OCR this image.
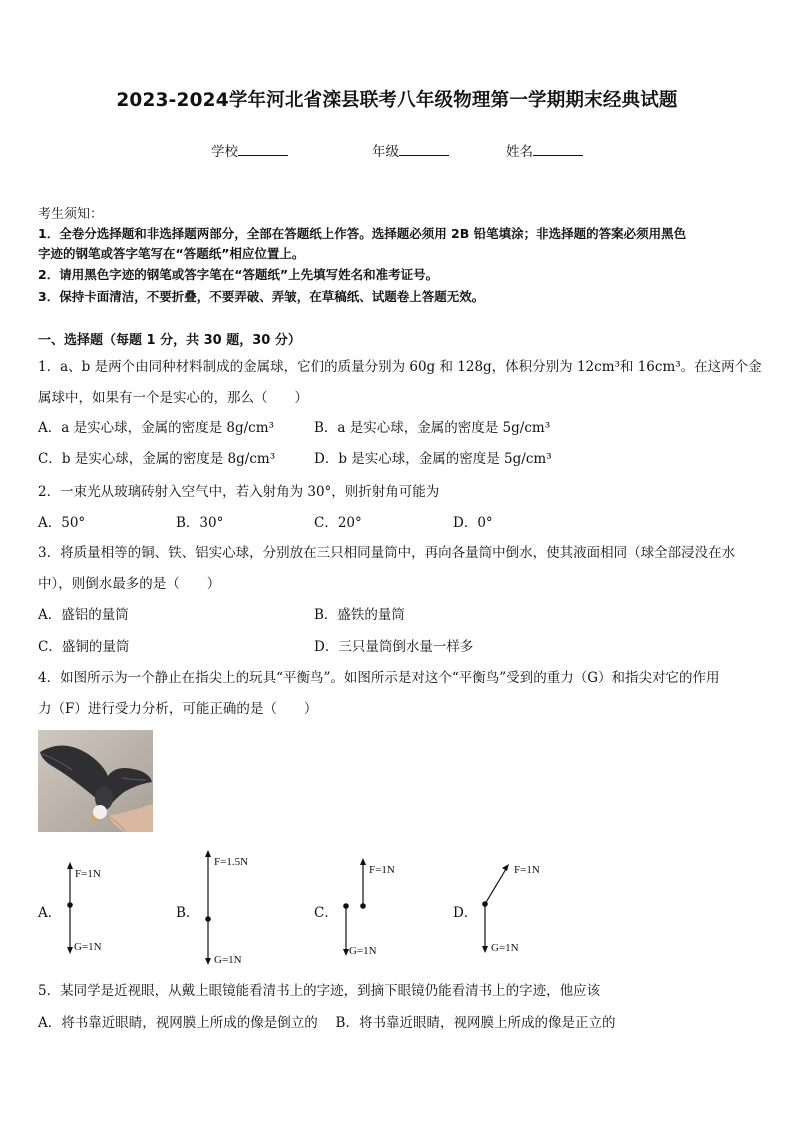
2023-2024学年河北省滦县联考八年级物理第一学期期末经典试题
学校	年级	姓名
考生须知：
1．全卷分选择题和非选择题两部分，全部在答题纸上作答。选择题必须用 2B 铅笔填涂；非选择题的答案必须用黑色
字迹的钢笔或答字笔写在“答题纸”相应位置上。
2．请用黑色字迹的钢笔或答字笔在“答题纸”上先填写姓名和准考证号。
3．保持卡面清洁，不要折叠，不要弄破、弄皱，在草稿纸、试题卷上答题无效。
一、选择题（每题 1 分，共 30 题，30 分）
1．a、b 是两个由同种材料制成的金属球，它们的质量分别为 60g 和 128g，体积分别为 12cm³和 16cm³。在这两个金
属球中，如果有一个是实心的，那么（　　）
A．a 是实心球，金属的密度是 8g/cm³	B．a 是实心球，金属的密度是 5g/cm³
C．b 是实心球，金属的密度是 8g/cm³	D．b 是实心球，金属的密度是 5g/cm³
2．一束光从玻璃砖射入空气中，若入射角为 30°，则折射角可能为
A．50°	B．30°	C．20°	D．0°
3．将质量相等的铜、铁、铝实心球，分别放在三只相同量筒中，再向各量筒中倒水，使其液面相同（球全部浸没在水
中），则倒水最多的是（　　）
A．盛铝的量筒	B．盛铁的量筒
C．盛铜的量筒	D．三只量筒倒水量一样多
4．如图所示为一个静止在指尖上的玩具“平衡鸟”。如图所示是对这个“平衡鸟”受到的重力（G）和指尖对它的作用
力（F）进行受力分析，可能正确的是（　　）
A．
F=1N
G=1N
B．
F=1.5N
G=1N
C．
F=1N
G=1N
D．
F=1N
G=1N
5．某同学是近视眼，从戴上眼镜能看清书上的字迹，到摘下眼镜仍能看清书上的字迹，他应该
A．将书靠近眼睛，视网膜上所成的像是倒立的　 B．将书靠近眼睛，视网膜上所成的像是正立的
